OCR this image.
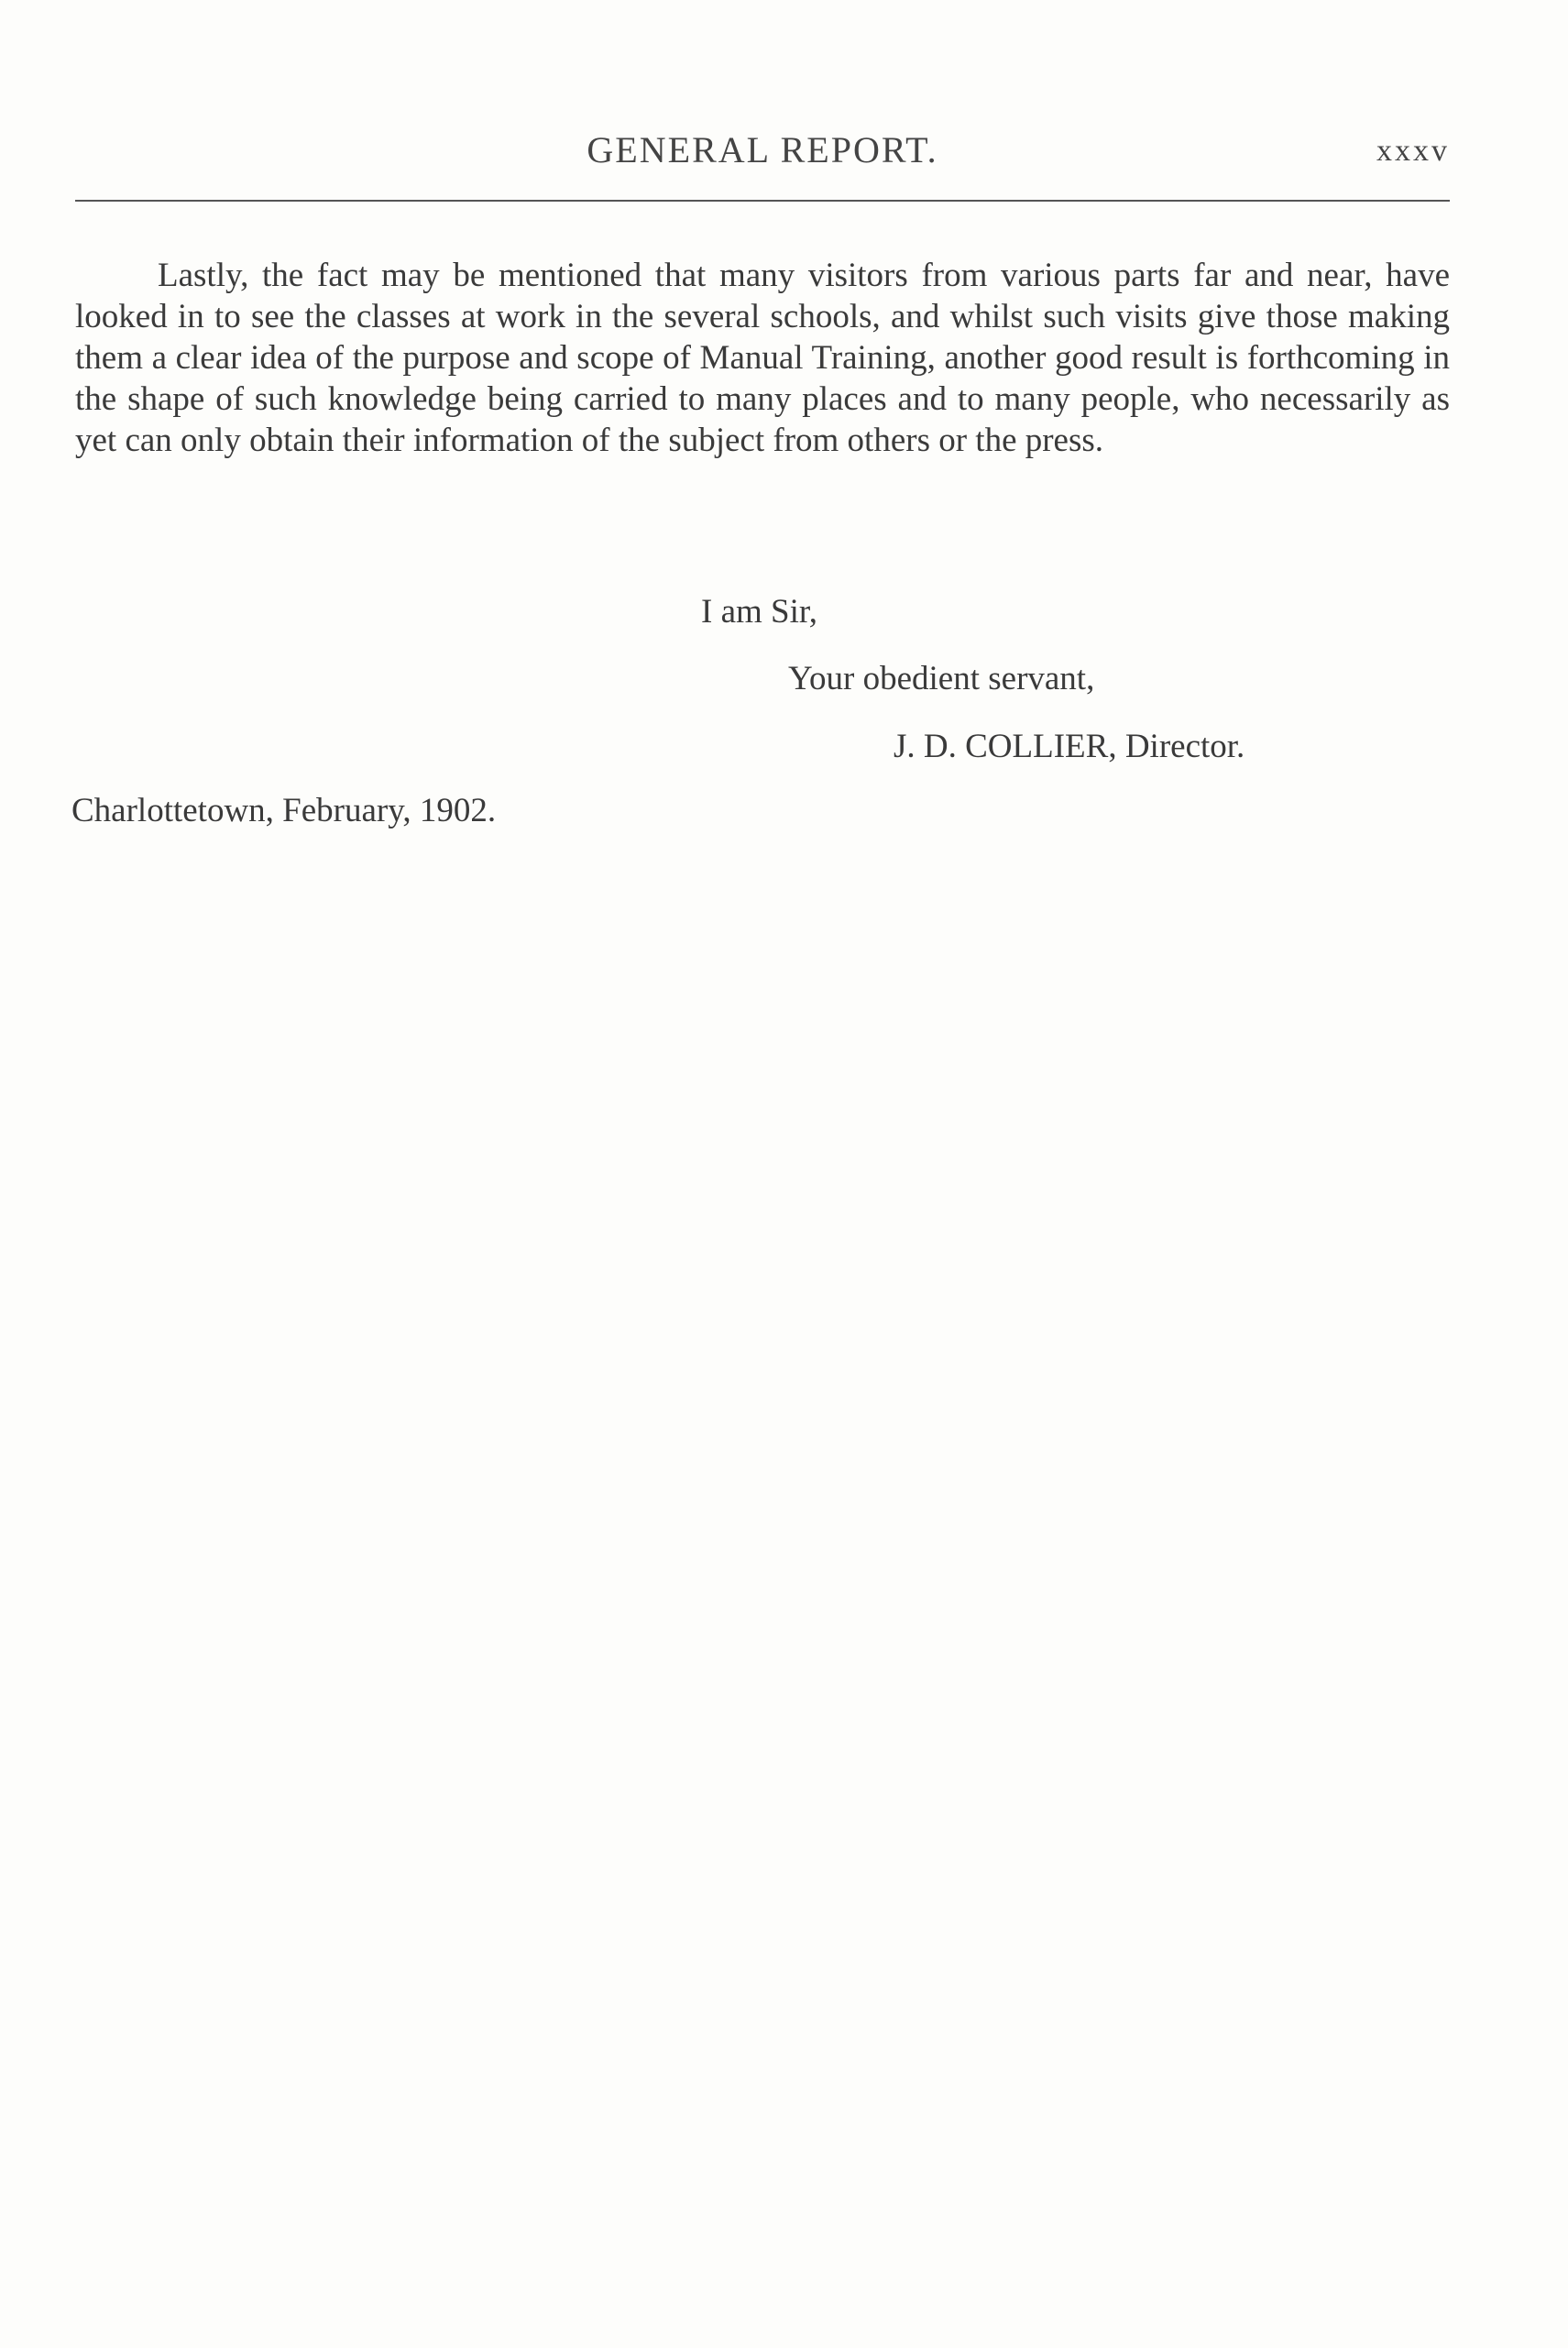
GENERAL REPORT.	xxxv

Lastly, the fact may be mentioned that many visitors from various parts far and near, have looked in to see the classes at work in the several schools, and whilst such visits give those making them a clear idea of the purpose and scope of Manual Training, another good result is forthcoming in the shape of such knowledge being carried to many places and to many people, who necessarily as yet can only obtain their information of the subject from others or the press.

I am Sir,
Your obedient servant,
J. D. COLLIER, Director.
Charlottetown, February, 1902.
